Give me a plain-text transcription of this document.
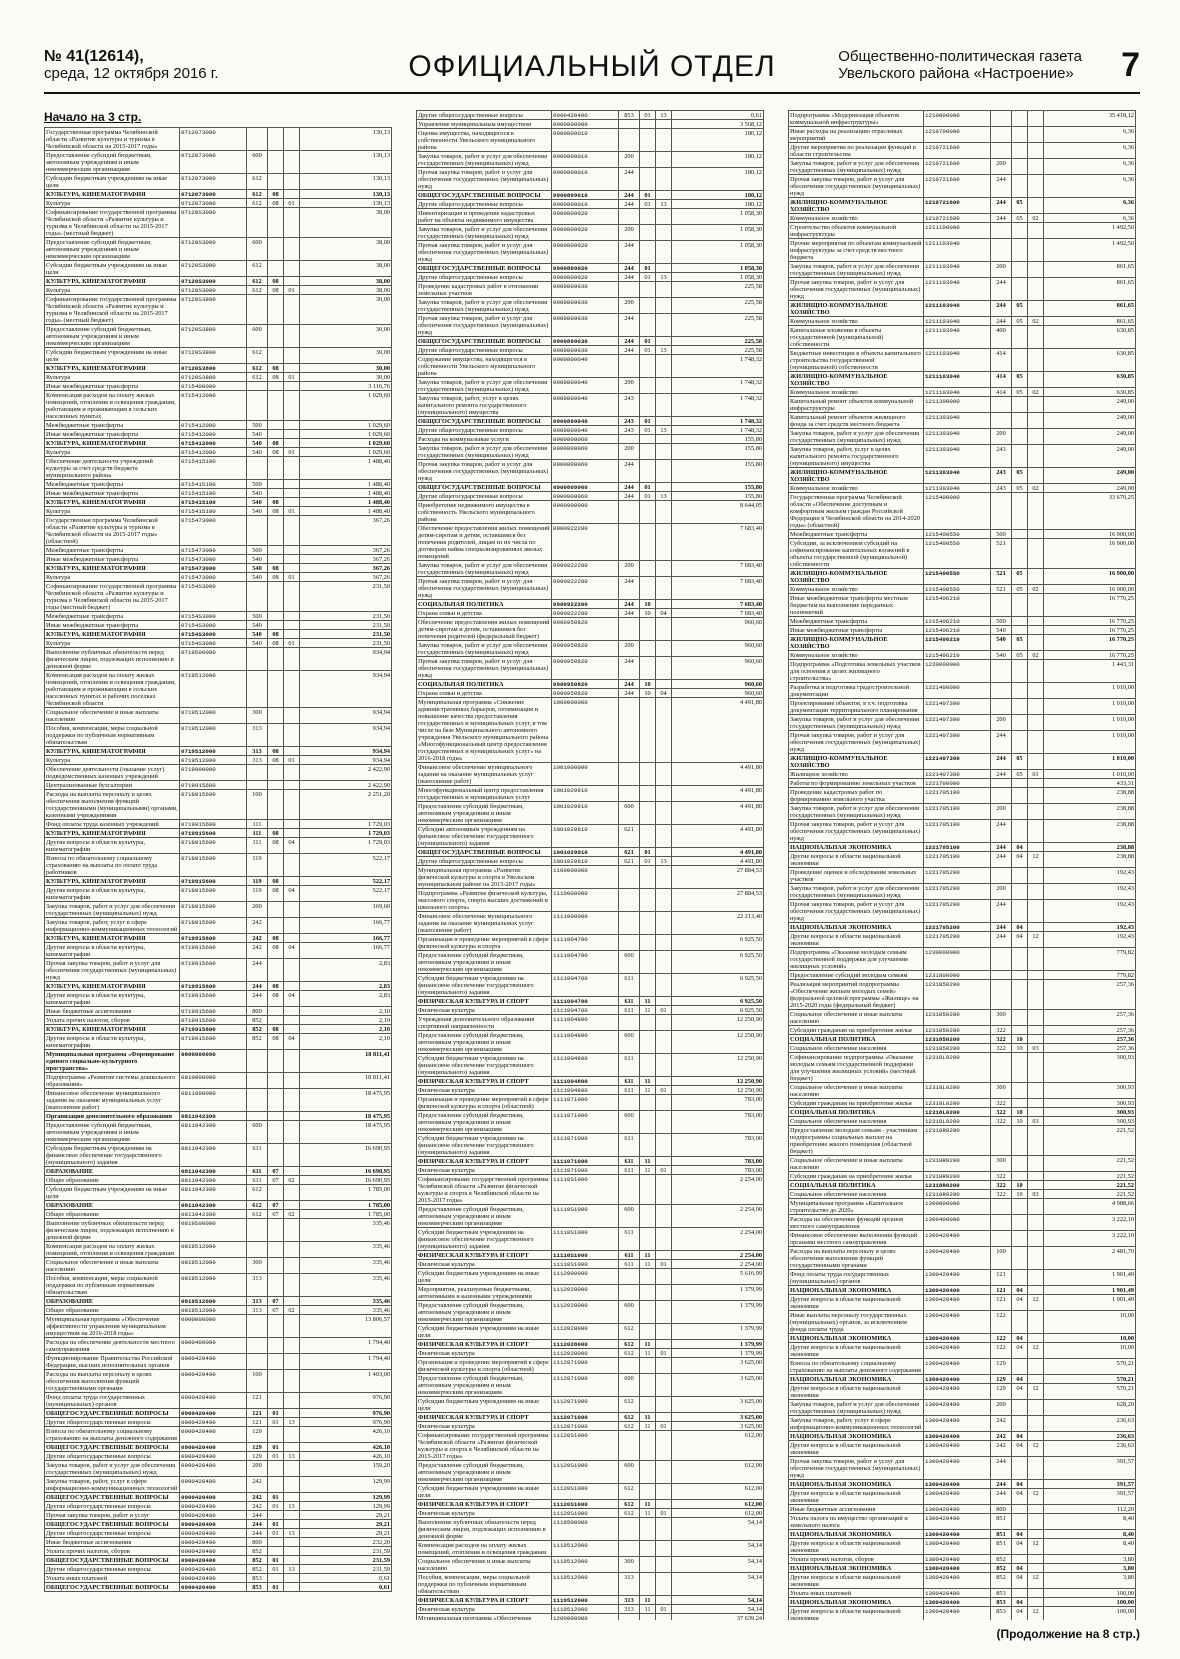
№ 41(12614),
среда, 12 октября 2016 г.	ОФИЦИАЛЬНЫЙ ОТДЕЛ	Общественно-политическая газета
Увельского района «Настроение» 7
Начало на 3 стр.
Государственная программа Челябинской области «Развитие культуры и туризма в Челябинской области на 2015-2017 годы»	0712073000				130,13
Предоставление субсидий бюджетным, автономным учреждениям и иным некоммерческим организациям	0712073000	600			130,13
Субсидии бюджетным учреждениям на иные цели	0712073000	612			130,13
КУЛЬТУРА, КИНЕМАТОГРАФИЯ	0712073000	612	08		130,13
Культура	0712073000	612	08	01	130,13
Софинансирование государственной программы Челябинской области «Развитие культуры и туризма в Челябинской области на 2015-2017 годы» (местный бюджет)	07120S3000				38,00
Предоставление субсидий бюджетным, автономным учреждениям и иным некоммерческим организациям	07120S3000	600			38,00
Субсидии бюджетным учреждениям на иные цели	07120S3000	612			38,00
КУЛЬТУРА, КИНЕМАТОГРАФИЯ	07120S3000	612	08		38,00
Культура	07120S3000	612	08	01	38,00
Софинансирование государственной программы Челябинской области «Развитие культуры и туризма в Челябинской области на 2015-2017 годы» (местный бюджет)	07120S3800				30,00
Предоставление субсидий бюджетным, автономным учреждениям и иным некоммерческим организациям	07120S3800	600			30,00
Субсидии бюджетным учреждениям на иные цели	07120S3800	612			30,00
КУЛЬТУРА, КИНЕМАТОГРАФИЯ	07120S3800	612	08		30,00
Культура	07120S3800	612	08	01	30,00
Иные межбюджетные трансферты	0715400000				3 116,76
Компенсация расходов на оплату жилых помещений, отопления и освещения гражданам, работающим и проживающим в сельских населенных пунктах	0715412000				1 029,60
Межбюджетные трансферты	0715412000	500			1 029,60
Иные межбюджетные трансферты	0715412000	540			1 029,60
КУЛЬТУРА, КИНЕМАТОГРАФИЯ	0715412000	540	08		1 029,60
Культура	0715412000	540	08	01	1 029,60
Обеспечение деятельности учреждений культуры за счет средств бюджета муниципального района	0715415100				1 488,40
Межбюджетные трансферты	0715415100	500			1 488,40
Иные межбюджетные трансферты	0715415100	540			1 488,40
КУЛЬТУРА, КИНЕМАТОГРАФИЯ	0715415100	540	08		1 488,40
Культура	0715415100	540	08	01	1 488,40
Государственная программа Челябинской области «Развитие культуры и туризма в Челябинской области на 2015-2017 годы» (областной)	0715473000				367,26
Межбюджетные трансферты	0715473000	500			367,26
Иные межбюджетные трансферты	0715473000	540			367,26
КУЛЬТУРА, КИНЕМАТОГРАФИЯ	0715473000	540	08		367,26
Культура	0715473000	540	08	01	367,26
Софинансирование государственной программы Челябинской области «Развитие культуры и туризма в Челябинской области на 2015-2017 годы (местный бюджет)	07154S3000				231,50
Межбюджетные трансферты	07154S3000	500			231,50
Иные межбюджетные трансферты	07154S3000	540			231,50
КУЛЬТУРА, КИНЕМАТОГРАФИЯ	07154S3000	540	08		231,50
Культура	07154S3000	540	08	01	231,50
Выполнение публичных обязательств перед физическим лицом, подлежащих исполнению в денежной форме	0719500000				934,94
Компенсация расходов на оплату жилых помещений, отопления и освещения гражданам, работающим и проживающим в сельских населенных пунктах и рабочих поселках Челябинской области	0719512000				934,94
Социальное обеспечение и иные выплаты населению	0719512000	300			934,94
Пособия, компенсации, меры социальной поддержки по публичным нормативным обязательствам	0719512000	313			934,94
КУЛЬТУРА, КИНЕМАТОГРАФИЯ	0719512000	313	08		934,94
Культура	0719512000	313	08	01	934,94
Обеспечение деятельности (оказание услуг) подведомственных казенных учреждений	0719900000				2 422,90
Централизованные бухгалтерии	0719915600				2 422,90
Расходы на выплаты персоналу в целях обеспечения выполнения функций государственными (муниципальными) органами, казенными учреждениями	0719915600	100			2 251,20
Фонд оплаты труда казенных учреждений	0719915600	111			1 729,03
КУЛЬТУРА, КИНЕМАТОГРАФИЯ	0719915600	111	08		1 729,03
Другие вопросы в области культуры, кинематографии	0719915600	111	08	04	1 729,03
Взносы по обязательному социальному страхованию на выплаты по оплате труда работников	0719915600	119			522,17
КУЛЬТУРА, КИНЕМАТОГРАФИЯ	0719915600	119	08		522,17
Другие вопросы в области культуры, кинематографии	0719915600	119	08	04	522,17
Закупка товаров, работ и услуг для обеспечения государственных (муниципальных) нужд	0719915600	200			169,60
Закупка товаров, работ, услуг в сфере информационно-коммуникационных технологий	0719915600	242			166,77
КУЛЬТУРА, КИНЕМАТОГРАФИЯ	0719915600	242	08		166,77
Другие вопросы в области культуры, кинематографии	0719915600	242	08	04	166,77
Прочая закупка товаров, работ и услуг для обеспечения государственных (муниципальных) нужд	0719915600	244			2,83
КУЛЬТУРА, КИНЕМАТОГРАФИЯ	0719915600	244	08		2,83
Другие вопросы в области культуры, кинематографии	0719915600	244	08	04	2,83
Иные бюджетные ассигнования	0719915600	800			2,10
Уплата прочих налогов, сборов	0719915600	852			2,10
КУЛЬТУРА, КИНЕМАТОГРАФИЯ	0719915600	852	08		2,10
Другие вопросы в области культуры, кинематографии	0719915600	852	08	04	2,10
Муниципальная программа «Формирование единого социально-культурного пространства»	0800000000				18 811,41
Подпрограмма «Развитие системы дошкольного образования»	0810000000				18 811,41
Финансовое обеспечение муниципального задания на оказание муниципальных услуг (выполнение работ)	0811000000				18 475,95
Организация дополнительного образования	0811042300				18 475,95
Предоставление субсидий бюджетным, автономным учреждениям и иным некоммерческим организациям	0811042300	600			18 475,95
Субсидии бюджетным учреждениям на финансовое обеспечение государственного (муниципального) задания	0811042300	611			16 690,95
ОБРАЗОВАНИЕ	0811042300	611	07		16 690,95
Общее образование	0811042300	611	07	02	16 690,95
Субсидии бюджетным учреждениям на иные цели	0811042300	612			1 785,00
ОБРАЗОВАНИЕ	0811042300	612	07		1 785,00
Общее образование	0811042300	612	07	02	1 785,00
Выполнение публичных обязательств перед физическим лицом, подлежащих исполнению в денежной форме	0819500000				335,46
Компенсация расходов на оплату жилых помещений, отопления и освещения гражданам	0819512000				335,46
Социальное обеспечение и иные выплаты населению	0819512000	300			335,46
Пособия, компенсации, меры социальной поддержки по публичным нормативным обязательствам	0819512000	313			335,46
ОБРАЗОВАНИЕ	0819512000	313	07		335,46
Общее образование	0819512000	313	07	02	335,46
Муниципальная программа «Обеспечение эффективности управления муниципальным имуществом на 2016-2018 годы»	0900000000				13 806,57
Расходы на обеспечение деятельности местного самоуправления	0900400000				1 794,40
Функционирование Правительства Российской Федерации, высших исполнительных органов	0900420400				1 794,40
Расходы на выплаты персоналу в целях обеспечения выполнения функций государственными органами	0900420400	100			1 403,00
Фонд оплаты труда государственных (муниципальных) органов	0900420400	121			976,90
ОБЩЕГОСУДАРСТВЕННЫЕ ВОПРОСЫ	0900420400	121	01		976,90
Другие общегосударственные вопросы	0900420400	121	01	13	976,90
Взносы по обязательному социальному страхованию на выплаты денежного содержания	0900420400	129			426,10
ОБЩЕГОСУДАРСТВЕННЫЕ ВОПРОСЫ	0900420400	129	01		426,10
Другие общегосударственные вопросы	0900420400	129	01	13	426,10
Закупка товаров, работ и услуг для обеспечения государственных (муниципальных) нужд	0900420400	200			159,20
Закупка товаров, работ, услуг в сфере информационно-коммуникационных технологий	0900420400	242			129,99
ОБЩЕГОСУДАРСТВЕННЫЕ ВОПРОСЫ	0900420400	242	01		129,99
Другие общегосударственные вопросы	0900420400	242	01	13	129,99
Прочая закупка товаров, работ и услуг	0900420400	244			29,21
ОБЩЕГОСУДАРСТВЕННЫЕ ВОПРОСЫ	0900420400	244	01		29,21
Другие общегосударственные вопросы	0900420400	244	01	13	29,21
Иные бюджетные ассигнования	0900420400	800			232,20
Уплата прочих налогов, сборов	0900420400	852			231,59
ОБЩЕГОСУДАРСТВЕННЫЕ ВОПРОСЫ	0900420400	852	01		231,59
Другие общегосударственные вопросы	0900420400	852	01	13	231,59
Уплата иных платежей	0900420400	853			0,61
ОБЩЕГОСУДАРСТВЕННЫЕ ВОПРОСЫ	0900420400	853	01		0,61
Другие общегосударственные вопросы	0900420400	853	01	13	0,61
Управление муниципальным имуществом	0900800000				3 568,12
Оценка имущества, находящегося в собственности Увельского муниципального района	0900809010				180,12
Закупка товаров, работ и услуг для обеспечения государственных (муниципальных) нужд	0900809010	200			180,12
Прочая закупка товаров, работ и услуг для обеспечения государственных (муниципальных) нужд	0900809010	244			180,12
ОБЩЕГОСУДАРСТВЕННЫЕ ВОПРОСЫ	0900809010	244	01		180,12
Другие общегосударственные вопросы	0900809010	244	01	13	180,12
Инвентаризация и проведение кадастровых работ на объекты недвижимого имущества	0900809020				1 058,30
Закупка товаров, работ и услуг для обеспечения государственных (муниципальных) нужд	0900809020	200			1 058,30
Прочая закупка товаров, работ и услуг для обеспечения государственных (муниципальных) нужд	0900809020	244			1 058,30
ОБЩЕГОСУДАРСТВЕННЫЕ ВОПРОСЫ	0900809020	244	01		1 058,30
Другие общегосударственные вопросы	0900809020	244	01	13	1 058,30
Проведение кадастровых работ в отношении земельных участков	0900809030				225,58
Закупка товаров, работ и услуг для обеспечения государственных (муниципальных) нужд	0900809030	200			225,58
Прочая закупка товаров, работ и услуг для обеспечения государственных (муниципальных) нужд	0900809030	244			225,58
ОБЩЕГОСУДАРСТВЕННЫЕ ВОПРОСЫ	0900809030	244	01		225,58
Другие общегосударственные вопросы	0900809030	244	01	13	225,58
Содержание имущества, находящегося в собственности Увельского муниципального района	0900809040				1 748,32
Закупка товаров, работ и услуг для обеспечения государственных (муниципальных) нужд	0900809040	200			1 748,32
Закупка товаров, работ, услуг в целях капитального ремонта государственного (муниципального) имущества	0900809040	243			1 748,32
ОБЩЕГОСУДАРСТВЕННЫЕ ВОПРОСЫ	0900809040	243	01		1 748,32
Другие общегосударственные вопросы	0900809040	243	01	13	1 748,32
Расходы на коммунальные услуги	0900809060				155,80
Закупка товаров, работ и услуг для обеспечения государственных (муниципальных) нужд	0900809060	200			155,80
Прочая закупка товаров, работ и услуг для обеспечения государственных (муниципальных) нужд	0900809060	244			155,80
ОБЩЕГОСУДАРСТВЕННЫЕ ВОПРОСЫ	0900809060	244	01		155,80
Другие общегосударственные вопросы	0900809060	244	01	13	155,80
Приобретение недвижимого имущества в собственность Увельского муниципального района	0900900000				8 644,05
Обеспечение предоставления жилых помещений детям-сиротам и детям, оставшимся без попечения родителей, лицам из их числа по договорам найма специализированных жилых помещений	0900922200				7 683,40
Закупка товаров, работ и услуг для обеспечения государственных (муниципальных) нужд	0900922200	200			7 683,40
Прочая закупка товаров, работ и услуг для обеспечения государственных (муниципальных) нужд	0900922200	244			7 683,40
СОЦИАЛЬНАЯ ПОЛИТИКА	0900922200	244	10		7 683,40
Охрана семьи и детства	0900922200	244	10	04	7 683,40
Обеспечение предоставления жилых помещений детям-сиротам и детям, оставшимся без попечения родителей (федеральный бюджет)	0900950820				960,60
Закупка товаров, работ и услуг для обеспечения государственных (муниципальных) нужд	0900950820	200			960,60
Прочая закупка товаров, работ и услуг для обеспечения государственных (муниципальных) нужд	0900950820	244			960,60
СОЦИАЛЬНАЯ ПОЛИТИКА	0900950820	244	10		960,60
Охрана семьи и детства	0900950820	244	10	04	960,60
Муниципальная программа «Снижение административных барьеров, оптимизация и повышение качества предоставления государственных и муниципальных услуг, в том числе на базе Муниципального автономного учреждения Увельского муниципального района «Многофункциональный центр предоставления государственных и муниципальных услуг» на 2016-2018 годы»	1000000000				4 491,80
Финансовое обеспечение муниципального задания на оказание муниципальных услуг (выполнение работ)	1001000000				4 491,80
Многофункциональный центр предоставления государственных и муниципальных услуг	1001029910				4 491,80
Предоставление субсидий бюджетным, автономным учреждениям и иным некоммерческим организациям	1001029910	600			4 491,80
Субсидии автономным учреждениям на финансовое обеспечение государственного (муниципального) задания	1001029910	621			4 491,80
ОБЩЕГОСУДАРСТВЕННЫЕ ВОПРОСЫ	1001029910	621	01		4 491,80
Другие общегосударственные вопросы	1001029910	621	01	13	4 491,80
Муниципальная программа «Развитие физической культуры и спорта в Увельском муниципальном районе на 2015-2017 годы»	1100000000				27 884,53
Подпрограмма «Развитие физической культуры, массового спорта, спорта высших достижений и школьного спорта»	1110000000				27 884,53
Финансовое обеспечение муниципального задания на оказание муниципальных услуг (выполнение работ)	1111000000				22 213,40
Организация и проведение мероприятий в сфере физической культуры и спорта	1111004700				6 925,50
Предоставление субсидий бюджетным, автономным учреждениям и иным некоммерческим организациям	1111004700	600			6 925,50
Субсидии бюджетным учреждениям на финансовое обеспечение государственного (муниципального) задания	1111004700	611			6 925,50
ФИЗИЧЕСКАЯ КУЛЬТУРА И СПОРТ	1111004700	611	11		6 925,50
Физическая культура	1111004700	611	11	01	6 925,50
Учреждения дополнительного образования спортивной направленности	1111004800				12 250,90
Предоставление субсидий бюджетным, автономным учреждениям и иным некоммерческим организациям	1111004800	600			12 250,90
Субсидии бюджетным учреждениям на финансовое обеспечение государственного (муниципального) задания	1111004800	611			12 250,90
ФИЗИЧЕСКАЯ КУЛЬТУРА И СПОРТ	1111004800	611	11		12 250,90
Физическая культура	1111004800	611	11	01	12 250,90
Организация и проведение мероприятий в сфере физической культуры и спорта (областной)	1111071000				783,00
Предоставление субсидий бюджетным, автономным учреждениям и иным некоммерческим организациям	1111071000	600			783,00
Субсидии бюджетным учреждениям на финансовое обеспечение государственного (муниципального) задания	1111071000	611			783,00
ФИЗИЧЕСКАЯ КУЛЬТУРА И СПОРТ	1111071000	611	11		783,00
Физическая культура	1111071000	611	11	01	783,00
Софинансирование государственной программы Челябинской области «Развитие физической культуры и спорта в Челябинской области на 2015-2017 годы»	11110S1000				2 254,00
Предоставление субсидий бюджетным, автономным учреждениям и иным некоммерческим организациям	11110S1000	600			2 254,00
Субсидии бюджетным учреждениям на финансовое обеспечение государственного (муниципального) задания	11110S1000	611			2 254,00
ФИЗИЧЕСКАЯ КУЛЬТУРА И СПОРТ	11110S1000	611	11		2 254,00
Физическая культура	11110S1000	611	11	01	2 254,00
Субсидии бюджетным учреждениям на иные цели	1112000000				5 616,99
Мероприятия, реализуемые бюджетными, автономными и казенными учреждениями	1112028000				1 379,99
Предоставление субсидий бюджетным, автономным учреждениям и иным некоммерческим организациям	1112028000	600			1 379,99
Субсидии бюджетным учреждениям на иные цели	1112028000	612			1 379,99
ФИЗИЧЕСКАЯ КУЛЬТУРА И СПОРТ	1112028000	612	11		1 379,99
Физическая культура	1112028000	612	11	01	1 379,99
Организация и проведение мероприятий в сфере физической культуры и спорта (областной)	1112071000				3 625,00
Предоставление субсидий бюджетным, автономным учреждениям и иным некоммерческим организациям	1112071000	600			3 625,00
Субсидии бюджетным учреждениям на иные цели	1112071000	612			3 625,00
ФИЗИЧЕСКАЯ КУЛЬТУРА И СПОРТ	1112071000	612	11		3 625,00
Физическая культура	1112071000	612	11	01	3 625,00
Софинансирование государственной программы Челябинской области «Развитие физической культуры и спорта в Челябинской области на 2015-2017 годы»	11120S1000				612,00
Предоставление субсидий бюджетным, автономным учреждениям и иным некоммерческим организациям	11120S1000	600			612,00
Субсидии бюджетным учреждениям на иные цели	11120S1000	612			612,00
ФИЗИЧЕСКАЯ КУЛЬТУРА И СПОРТ	11120S1000	612	11		612,00
Физическая культура	11120S1000	612	11	01	612,00
Выполнение публичных обязательств перед физическим лицом, подлежащих исполнению в денежной форме	1119500000				54,14
Компенсация расходов на оплату жилых помещений, отопления и освещения гражданам	1119512000				54,14
Социальное обеспечение и иные выплаты населению	1119512000	300			54,14
Пособия, компенсации, меры социальной поддержки по публичным нормативным обязательствам	1119512000	313			54,14
ФИЗИЧЕСКАЯ КУЛЬТУРА И СПОРТ	1119512000	313	11		54,14
Физическая культура	1119512000	313	11	01	54,14
Муниципальная программа «Обеспечение	1200000000				37 639,24
Подпрограмма «Модернизация объектов коммунальной инфраструктуры»	1210000000				35 418,12
Иные расходы на реализацию отраслевых мероприятий	1210700000				6,36
Другие мероприятия по реализации функций в области строительства	1210721600				6,36
Закупка товаров, работ и услуг для обеспечения государственных (муниципальных) нужд	1210721600	200			6,36
Прочая закупка товаров, работ и услуг для обеспечения государственных (муниципальных) нужд	1210721600	244			6,36
ЖИЛИЩНО-КОММУНАЛЬНОЕ ХОЗЯЙСТВО	1210721600	244	05		6,36
Коммунальное хозяйство	1210721600	244	05	02	6,36
Строительство объектов коммунальной инфраструктуры	1211100000				1 492,50
Прочие мероприятия по объектам коммунальной инфраструктуры за счет средств местного бюджета	1211103040				1 492,50
Закупка товаров, работ и услуг для обеспечения государственных (муниципальных) нужд	1211103040	200			861,65
Прочая закупка товаров, работ и услуг для обеспечения государственных (муниципальных) нужд	1211103040	244			861,65
ЖИЛИЩНО-КОММУНАЛЬНОЕ ХОЗЯЙСТВО	1211103040	244	05		861,65
Коммунальное хозяйство	1211103040	244	05	02	861,65
Капитальные вложения в объекты государственной (муниципальной) собственности	1211103040	400			630,85
Бюджетные инвестиции в объекты капитального строительства государственной (муниципальной) собственности	1211103040	414			630,85
ЖИЛИЩНО-КОММУНАЛЬНОЕ ХОЗЯЙСТВО	1211103040	414	05		630,85
Коммунальное хозяйство	1211103040	414	05	02	630,85
Капитальный ремонт объектов коммунальной инфраструктуры	1211300000				249,00
Капитальный ремонт объектов жилищного фонда за счет средств местного бюджета	1211303040				249,00
Закупка товаров, работ и услуг для обеспечения государственных (муниципальных) нужд	1211303040	200			249,00
Закупка товаров, работ, услуг в целях капитального ремонта государственного (муниципального) имущества	1211303040	243			249,00
ЖИЛИЩНО-КОММУНАЛЬНОЕ ХОЗЯЙСТВО	1211303040	243	05		249,00
Коммунальное хозяйство	1211303040	243	05	02	249,00
Государственная программа Челябинской области «Обеспечение доступным и комфортным жильем граждан Российской Федерации в Челябинской области на 2014-2020 годы» (областной)	1215400000				33 670,25
Межбюджетные трансферты	1215400550	500			16 900,00
Субсидии, за исключением субсидий на софинансирование капитальных вложений в объекты государственной (муниципальной) собственности	1215400550	521			16 900,00
ЖИЛИЩНО-КОММУНАЛЬНОЕ ХОЗЯЙСТВО	1215400550	521	05		16 900,00
Коммунальное хозяйство	1215400550	521	05	02	16 900,00
Иные межбюджетные трансферты местным бюджетам на выполнение переданных полномочий	1215406210				16 770,25
Межбюджетные трансферты	1215406210	500			16 770,25
Иные межбюджетные трансферты	1215406210	540			16 770,25
ЖИЛИЩНО-КОММУНАЛЬНОЕ ХОЗЯЙСТВО	1215406210	540	05		16 770,25
Коммунальное хозяйство	1215406210	540	05	02	16 770,25
Подпрограмма «Подготовка земельных участков для освоения в целях жилищного строительства»	1220000000				1 443,31
Разработка и подготовка градостроительной документации	1221400000				1 010,00
Проектирование объектов, в т.ч. подготовка документации территориального планирования	1221407300				1 010,00
Закупка товаров, работ и услуг для обеспечения государственных (муниципальных) нужд	1221407300	200			1 010,00
Прочая закупка товаров, работ и услуг для обеспечения государственных (муниципальных) нужд	1221407300	244			1 010,00
ЖИЛИЩНО-КОММУНАЛЬНОЕ ХОЗЯЙСТВО	1221407300	244	05		1 010,00
Жилищное хозяйство	1221407300	244	05	01	1 010,00
Работы по формированию земельных участков	1221700000				433,31
Проведение кадастровых работ по формированию земельного участка	1221705100				238,88
Закупка товаров, работ и услуг для обеспечения государственных (муниципальных) нужд	1221705100	200			238,88
Прочая закупка товаров, работ и услуг для обеспечения государственных (муниципальных) нужд	1221705100	244			238,88
НАЦИОНАЛЬНАЯ ЭКОНОМИКА	1221705100	244	04		238,88
Другие вопросы в области национальной экономики	1221705100	244	04	12	238,88
Проведение оценки и обследования земельных участков	1221705200				192,43
Закупка товаров, работ и услуг для обеспечения государственных (муниципальных) нужд	1221705200	200			192,43
Прочая закупка товаров, работ и услуг для обеспечения государственных (муниципальных) нужд	1221705200	244			192,43
НАЦИОНАЛЬНАЯ ЭКОНОМИКА	1221705200	244	04		192,43
Другие вопросы в области национальной экономики	1221705200	244	04	12	192,43
Подпрограмма «Оказание молодым семьям государственной поддержки для улучшения жилищных условий»	1230000000				779,82
Предоставление субсидий молодым семьям	1231800000				779,82
Реализация мероприятий подпрограммы «Обеспечение жильем молодых семей» федеральной целевой программы «Жилище» на 2015-2020 годы (федеральный бюджет)	1231850200				257,36
Социальное обеспечение и иные выплаты населению	1231850200	300			257,36
Субсидии гражданам на приобретение жилья	1231850200	322			257,36
СОЦИАЛЬНАЯ ПОЛИТИКА	1231850200	322	10		257,36
Социальное обеспечение населения	1231850200	322	10	03	257,36
Софинансирование подпрограммы «Оказание молодым семьям государственной поддержки для улучшения жилищных условий» (местный бюджет)	12318L0200				300,93
Социальное обеспечение и иные выплаты населению	12318L0200	300			300,93
Субсидии гражданам на приобретение жилья	12318L0200	322			300,93
СОЦИАЛЬНАЯ ПОЛИТИКА	12318L0200	322	10		300,93
Социальное обеспечение населения	12318L0200	322	10	03	300,93
Предоставление молодым семьям - участникам подпрограммы социальных выплат на приобретение жилого помещения (областной бюджет)	12318R0200				221,52
Социальное обеспечение и иные выплаты населению	12318R0200	300			221,52
Субсидии гражданам на приобретение жилья	12318R0200	322			221,52
СОЦИАЛЬНАЯ ПОЛИТИКА	12318R0200	322	10		221,52
Социальное обеспечение населения	12318R0200	322	10	03	221,52
Муниципальная программа «Капитальное строительство до 2020»	1300000000				4 988,66
Расходы на обеспечение функций органов местного самоуправления	1300400000				3 222,10
Финансовое обеспечение выполнения функций органами местного самоуправления	1300420400				3 222,10
Расходы на выплаты персоналу в целях обеспечения выполнения функций государственными органами	1300420400	100			2 481,70
Фонд оплаты труда государственных (муниципальных) органов	1300420400	121			1 901,49
НАЦИОНАЛЬНАЯ ЭКОНОМИКА	1300420400	121	04		1 901,49
Другие вопросы в области национальной экономики	1300420400	121	04	12	1 901,49
Иные выплаты персоналу государственных (муниципальных) органов, за исключением фонда оплаты труда	1300420400	122			10,00
НАЦИОНАЛЬНАЯ ЭКОНОМИКА	1300420400	122	04		10,00
Другие вопросы в области национальной экономики	1300420400	122	04	12	10,00
Взносы по обязательному социальному страхованию на выплаты денежного содержания	1300420400	129			570,21
НАЦИОНАЛЬНАЯ ЭКОНОМИКА	1300420400	129	04		570,21
Другие вопросы в области национальной экономики	1300420400	129	04	12	570,21
Закупка товаров, работ и услуг для обеспечения государственных (муниципальных) нужд	1300420400	200			628,20
Закупка товаров, работ, услуг в сфере информационно-коммуникационных технологий	1300420400	242			236,63
НАЦИОНАЛЬНАЯ ЭКОНОМИКА	1300420400	242	04		236,63
Другие вопросы в области национальной экономики	1300420400	242	04	12	236,63
Прочая закупка товаров, работ и услуг для обеспечения государственных (муниципальных) нужд	1300420400	244			391,57
НАЦИОНАЛЬНАЯ ЭКОНОМИКА	1300420400	244	04		391,57
Другие вопросы в области национальной экономики	1300420400	244	04	12	391,57
Иные бюджетные ассигнования	1300420400	800			112,20
Уплата налога на имущество организаций и земельного налога	1300420400	851			8,40
НАЦИОНАЛЬНАЯ ЭКОНОМИКА	1300420400	851	04		8,40
Другие вопросы в области национальной экономики	1300420400	851	04	12	8,40
Уплата прочих налогов, сборов	1300420400	852			3,80
НАЦИОНАЛЬНАЯ ЭКОНОМИКА	1300420400	852	04		3,80
Другие вопросы в области национальной экономики	1300420400	852	04	12	3,80
Уплата иных платежей	1300420400	853			100,00
НАЦИОНАЛЬНАЯ ЭКОНОМИКА	1300420400	853	04		100,00
Другие вопросы в области национальной экономики	1300420400	853	04	12	100,00

(Продолжение на 8 стр.)
